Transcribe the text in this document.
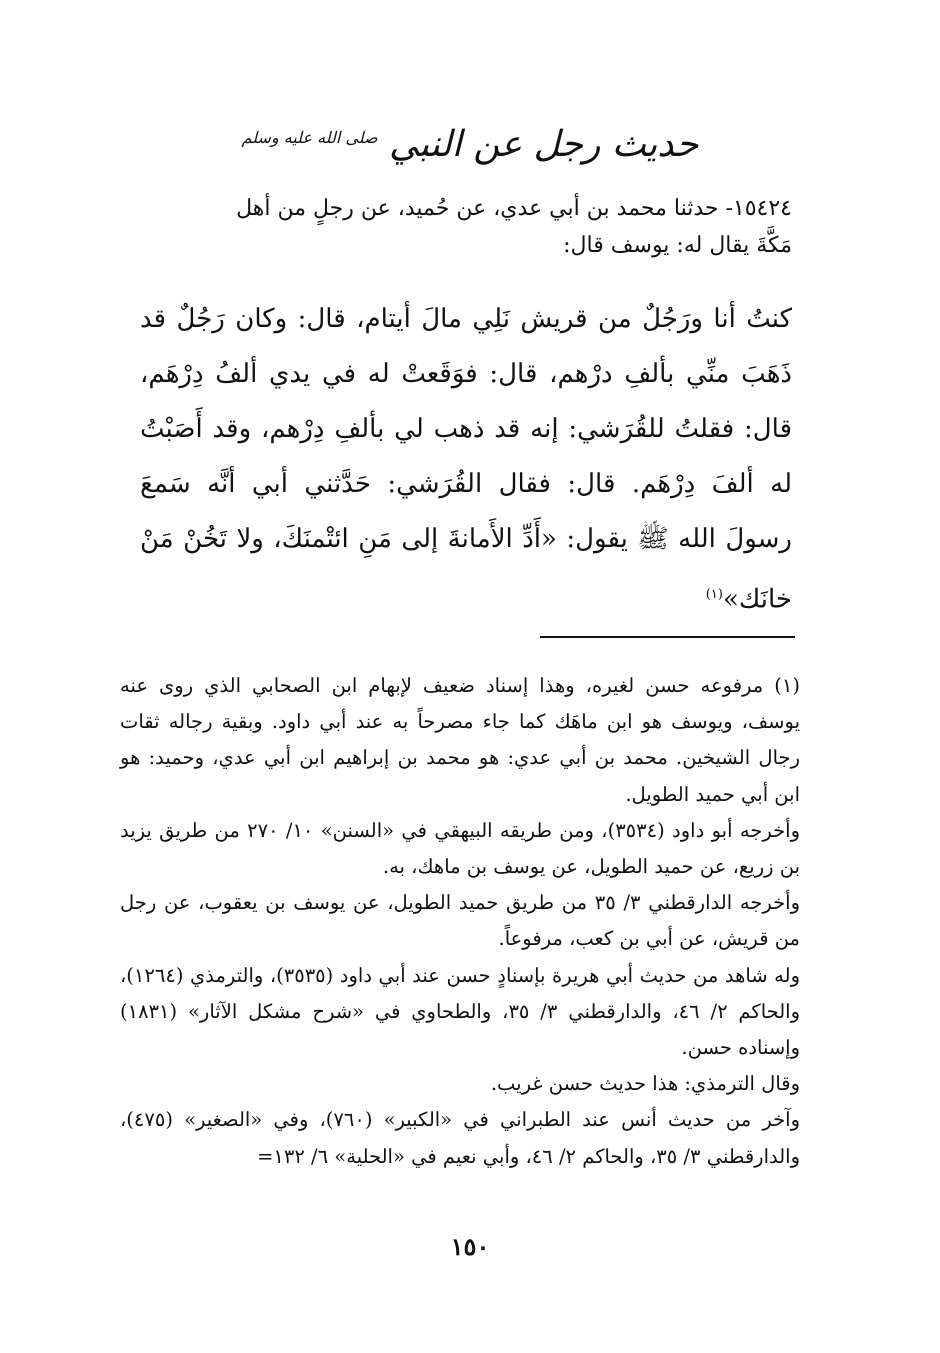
حديث رجل عن النبي $^{صلى الله عليه وسلم}$

١٥٤٢٤- حدثنا محمد بن أبي عدي، عن حُميد، عن رجلٍ من أهل

مَكَّةَ يقال له: يوسف قال:

كنتُ أنا ورَجُلٌ من قريش نَلِي مالَ أيتام، قال: وكان رَجُلٌ قد ذَهَبَ منِّي بألفِ درْهم، قال: فوَقَعتْ له في يدي ألفُ دِرْهَم، قال: فقلتُ للقُرَشي: إنه قد ذهب لي بألفِ دِرْهم، وقد أَصَبْتُ له ألفَ دِرْهَم. قال: فقال القُرَشي: حَدَّثني أبي أنَّه سَمعَ رسولَ الله ﷺ يقول: «أَدِّ الأَمانةَ إلى مَنِ ائتْمنَكَ، ولا تَخُنْ مَنْ خانَك»$^{(١)}$

(١) مرفوعه حسن لغيره، وهذا إسناد ضعيف لإبهام ابن الصحابي الذي روى عنه يوسف، ويوسف هو ابن ماهَك كما جاء مصرحاً به عند أبي داود. وبقية رجاله ثقات رجال الشيخين. محمد بن أبي عدي: هو محمد بن إبراهيم ابن أبي عدي، وحميد: هو ابن أبي حميد الطويل.

وأخرجه أبو داود (٣٥٣٤)، ومن طريقه البيهقي في «السنن» ١٠/ ٢٧٠ من طريق يزيد بن زريع، عن حميد الطويل، عن يوسف بن ماهك، به.

وأخرجه الدارقطني ٣/ ٣٥ من طريق حميد الطويل، عن يوسف بن يعقوب، عن رجل من قريش، عن أبي بن كعب، مرفوعاً.

وله شاهد من حديث أبي هريرة بإسنادٍ حسن عند أبي داود (٣٥٣٥)، والترمذي (١٢٦٤)، والحاكم ٢/ ٤٦، والدارقطني ٣/ ٣٥، والطحاوي في «شرح مشكل الآثار» (١٨٣١) وإسناده حسن.

وقال الترمذي: هذا حديث حسن غريب.

وآخر من حديث أنس عند الطبراني في «الكبير» (٧٦٠)، وفي «الصغير» (٤٧٥)، والدارقطني ٣/ ٣٥، والحاكم ٢/ ٤٦، وأبي نعيم في «الحلية» ٦/ ١٣٢=

١٥٠
